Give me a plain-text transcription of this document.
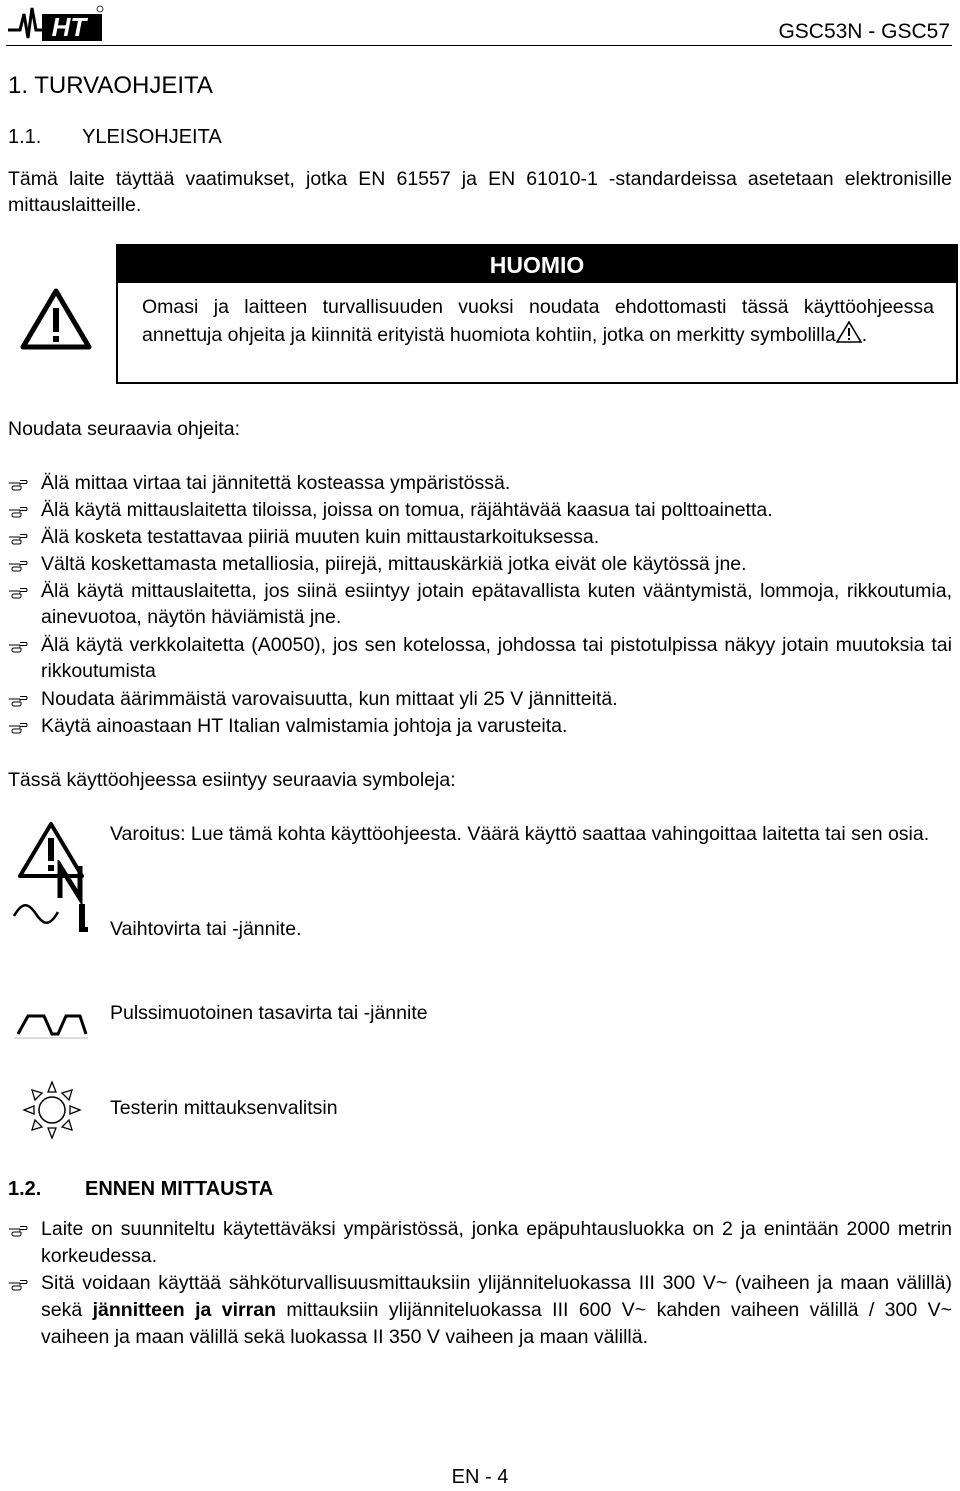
HT	GSC53N - GSC57
1. TURVAOHJEITA
1.1. YLEISOHJEITA
Tämä laite täyttää vaatimukset, jotka EN 61557 ja EN 61010-1 -standardeissa asetetaan elektronisille mittauslaitteille.
HUOMIO
Omasi ja laitteen turvallisuuden vuoksi noudata ehdottomasti tässä käyttöohjeessa annettuja ohjeita ja kiinnitä erityistä huomiota kohtiin, jotka on merkitty symbolilla .
Noudata seuraavia ohjeita:
Älä mittaa virtaa tai jännitettä kosteassa ympäristössä.
Älä käytä mittauslaitetta tiloissa, joissa on tomua, räjähtävää kaasua tai polttoainetta.
Älä kosketa testattavaa piiriä muuten kuin mittaustarkoituksessa.
Vältä koskettamasta metalliosia, piirejä, mittauskärkiä jotka eivät ole käytössä jne.
Älä käytä mittauslaitetta, jos siinä esiintyy jotain epätavallista kuten vääntymistä, lommoja, rikkoutumia, ainevuotoa, näytön häviämistä jne.
Älä käytä verkkolaitetta (A0050), jos sen kotelossa, johdossa tai pistotulpissa näkyy jotain muutoksia tai rikkoutumista
Noudata äärimmäistä varovaisuutta, kun mittaat yli 25 V jännitteitä.
Käytä ainoastaan HT Italian valmistamia johtoja ja varusteita.
Tässä käyttöohjeessa esiintyy seuraavia symboleja:
Varoitus: Lue tämä kohta käyttöohjeesta. Väärä käyttö saattaa vahingoittaa laitetta tai sen osia.
Vaihtovirta tai -jännite.
Pulssimuotoinen tasavirta tai -jännite
Testerin mittauksenvalitsin
1.2. ENNEN MITTAUSTA
Laite on suunniteltu käytettäväksi ympäristössä, jonka epäpuhtausluokka on 2 ja enintään 2000 metrin korkeudessa.
Sitä voidaan käyttää sähköturvallisuusmittauksiin ylijänniteluokassa III 300 V~ (vaiheen ja maan välillä) sekä jännitteen ja virran mittauksiin ylijänniteluokassa III 600 V~ kahden vaiheen välillä / 300 V~ vaiheen ja maan välillä sekä luokassa II 350 V vaiheen ja maan välillä.
EN - 4
